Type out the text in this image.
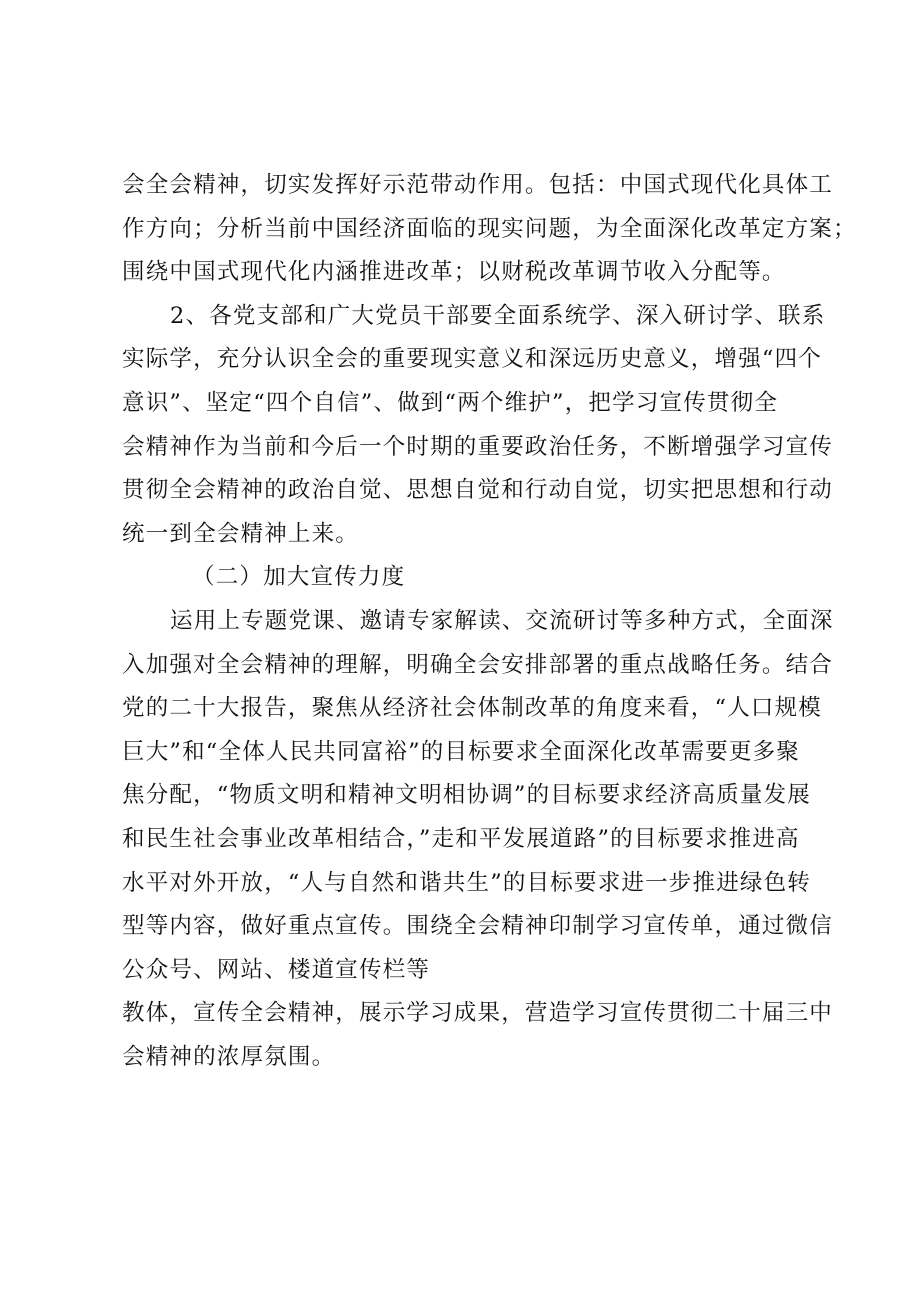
会全会精神，切实发挥好示范带动作用。包括：中国式现代化具体工
作方向；分析当前中国经济面临的现实问题，为全面深化改革定方案；
围绕中国式现代化内涵推进改革；以财税改革调节收入分配等。
2、各党支部和广大党员干部要全面系统学、深入研讨学、联系
实际学，充分认识全会的重要现实意义和深远历史意义，增强“四个
意识”、坚定“四个自信”、做到“两个维护”，把学习宣传贯彻全
会精神作为当前和今后一个时期的重要政治任务，不断增强学习宣传
贯彻全会精神的政治自觉、思想自觉和行动自觉，切实把思想和行动
统一到全会精神上来。
（二）加大宣传力度
运用上专题党课、邀请专家解读、交流研讨等多种方式，全面深
入加强对全会精神的理解，明确全会安排部署的重点战略任务。结合
党的二十大报告，聚焦从经济社会体制改革的角度来看，“人口规模
巨大”和“全体人民共同富裕”的目标要求全面深化改革需要更多聚
焦分配，“物质文明和精神文明相协调”的目标要求经济高质量发展
和民生社会事业改革相结合，”走和平发展道路”的目标要求推进高
水平对外开放，“人与自然和谐共生”的目标要求进一步推进绿色转
型等内容，做好重点宣传。围绕全会精神印制学习宣传单，通过微信
公众号、网站、楼道宣传栏等
教体，宣传全会精神，展示学习成果，营造学习宣传贯彻二十届三中
会精神的浓厚氛围。
